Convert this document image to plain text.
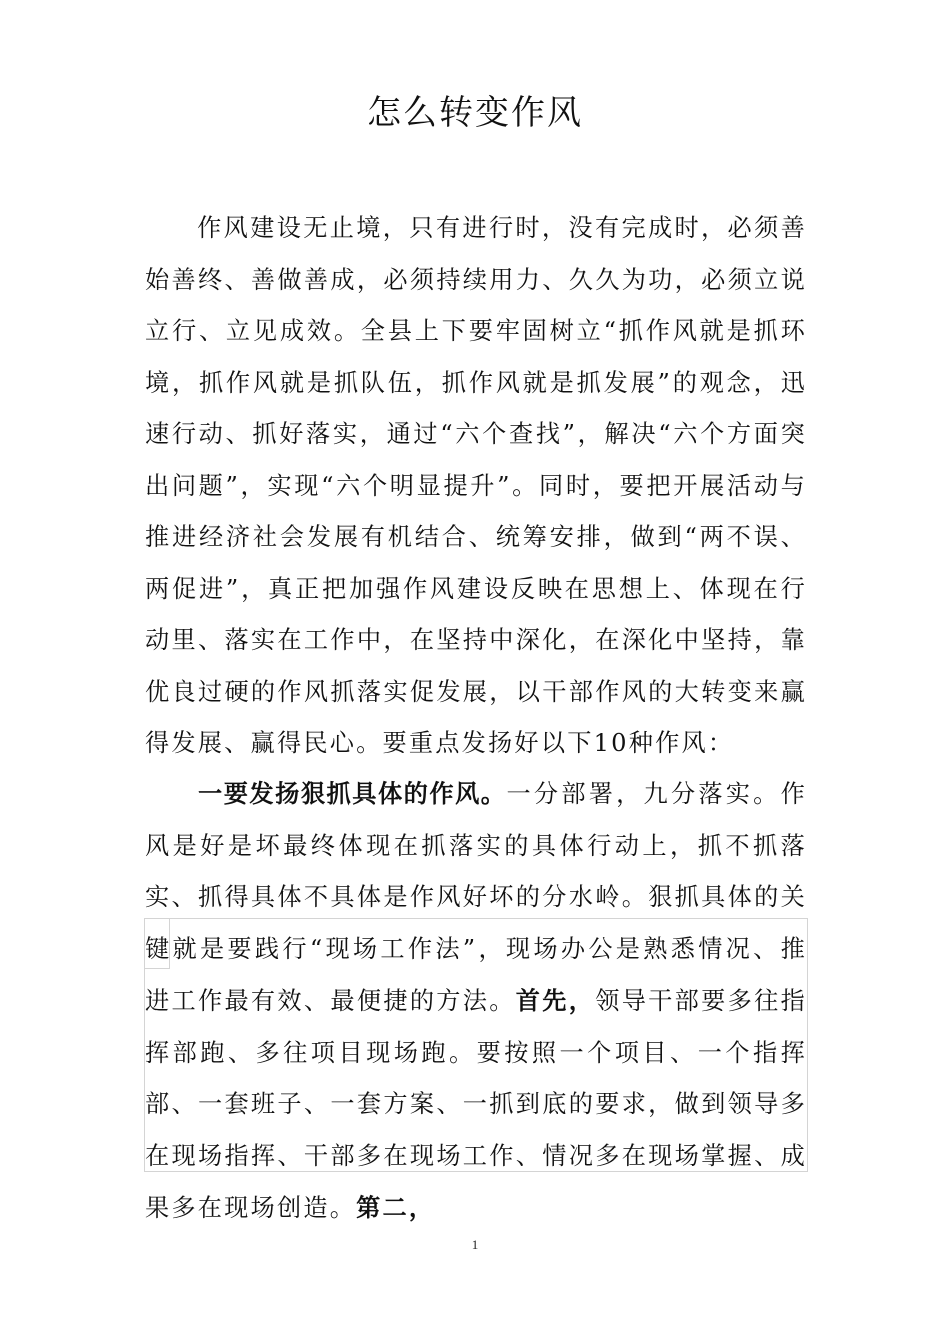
怎么转变作风

作风建设无止境，只有进行时，没有完成时，必须善始善终、善做善成，必须持续用力、久久为功，必须立说立行、立见成效。全县上下要牢固树立“抓作风就是抓环境，抓作风就是抓队伍，抓作风就是抓发展”的观念，迅速行动、抓好落实，通过“六个查找”，解决“六个方面突出问题”，实现“六个明显提升”。同时，要把开展活动与推进经济社会发展有机结合、统筹安排，做到“两不误、两促进”，真正把加强作风建设反映在思想上、体现在行动里、落实在工作中，在坚持中深化，在深化中坚持，靠优良过硬的作风抓落实促发展，以干部作风的大转变来赢得发展、赢得民心。要重点发扬好以下10种作风：

一要发扬狠抓具体的作风。一分部署，九分落实。作风是好是坏最终体现在抓落实的具体行动上，抓不抓落实、抓得具体不具体是作风好坏的分水岭。狠抓具体的关键就是要践行“现场工作法”，现场办公是熟悉情况、推进工作最有效、最便捷的方法。首先，领导干部要多往指挥部跑、多往项目现场跑。要按照一个项目、一个指挥部、一套班子、一套方案、一抓到底的要求，做到领导多在现场指挥、干部多在现场工作、情况多在现场掌握、成果多在现场创造。第二，

1
